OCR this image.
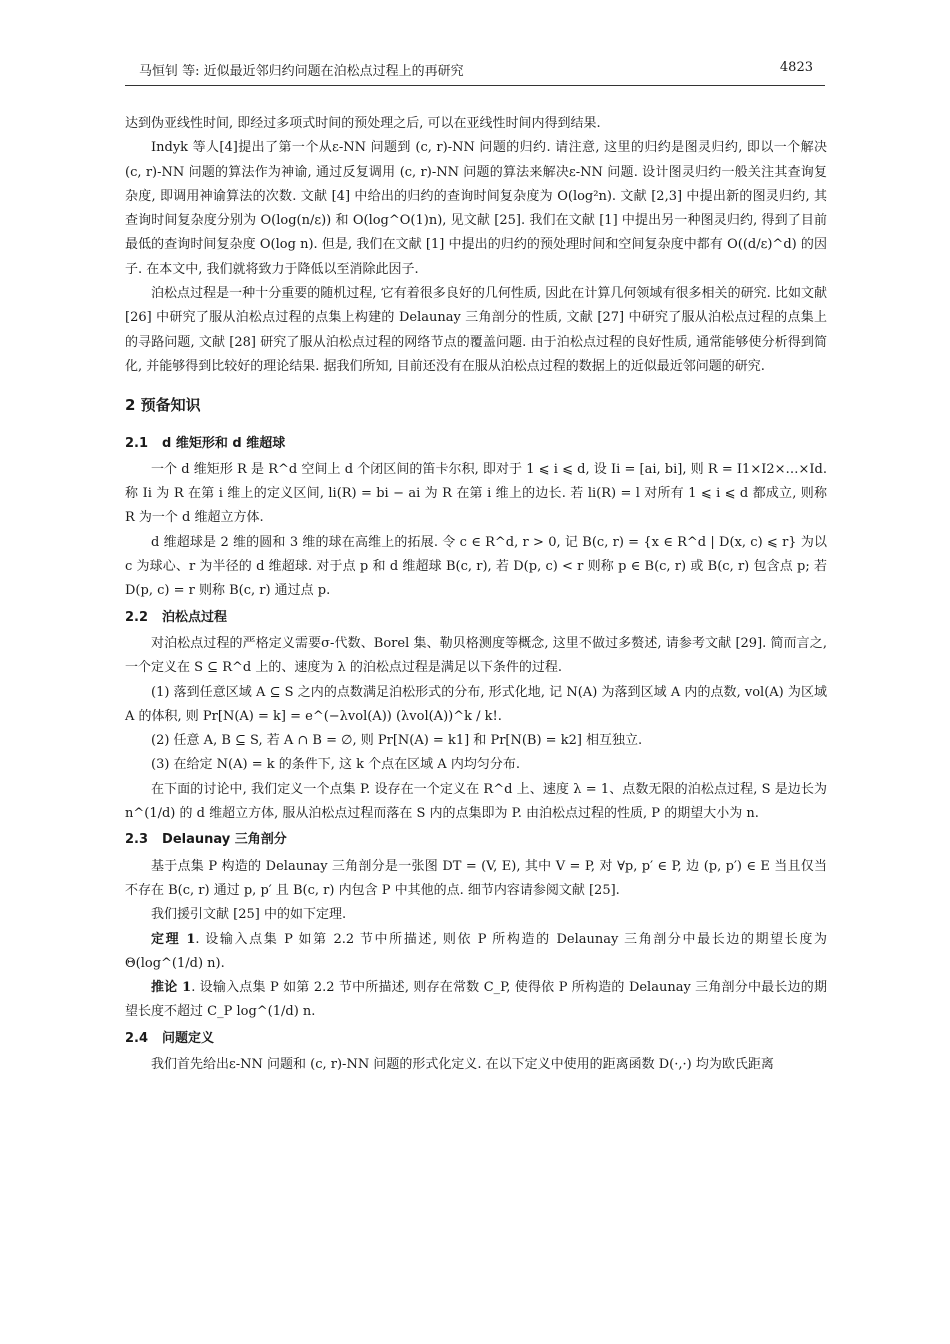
马恒钊 等: 近似最近邻归约问题在泊松点过程上的再研究	4823

达到伪亚线性时间, 即经过多项式时间的预处理之后, 可以在亚线性时间内得到结果.

Indyk 等人[4]提出了第一个从ε-NN 问题到 (c, r)-NN 问题的归约. 请注意, 这里的归约是图灵归约, 即以一个解决 (c, r)-NN 问题的算法作为神谕, 通过反复调用 (c, r)-NN 问题的算法来解决ε-NN 问题. 设计图灵归约一般关注其查询复杂度, 即调用神谕算法的次数. 文献 [4] 中给出的归约的查询时间复杂度为 O(log²n). 文献 [2,3] 中提出新的图灵归约, 其查询时间复杂度分别为 O(log(n/ε)) 和 O(log^O(1)n), 见文献 [25]. 我们在文献 [1] 中提出另一种图灵归约, 得到了目前最低的查询时间复杂度 O(log n). 但是, 我们在文献 [1] 中提出的归约的预处理时间和空间复杂度中都有 O((d/ε)^d) 的因子. 在本文中, 我们就将致力于降低以至消除此因子.

泊松点过程是一种十分重要的随机过程, 它有着很多良好的几何性质, 因此在计算几何领域有很多相关的研究. 比如文献 [26] 中研究了服从泊松点过程的点集上构建的 Delaunay 三角剖分的性质, 文献 [27] 中研究了服从泊松点过程的点集上的寻路问题, 文献 [28] 研究了服从泊松点过程的网络节点的覆盖问题. 由于泊松点过程的良好性质, 通常能够使分析得到简化, 并能够得到比较好的理论结果. 据我们所知, 目前还没有在服从泊松点过程的数据上的近似最近邻问题的研究.

2 预备知识
2.1 d 维矩形和 d 维超球

一个 d 维矩形 R 是 R^d 空间上 d 个闭区间的笛卡尔积, 即对于 1 ⩽ i ⩽ d, 设 Ii = [ai, bi], 则 R = I1×I2×…×Id. 称 Ii 为 R 在第 i 维上的定义区间, li(R) = bi − ai 为 R 在第 i 维上的边长. 若 li(R) = l 对所有 1 ⩽ i ⩽ d 都成立, 则称 R 为一个 d 维超立方体.

d 维超球是 2 维的圆和 3 维的球在高维上的拓展. 令 c ∈ R^d, r > 0, 记 B(c, r) = {x ∈ R^d | D(x, c) ⩽ r} 为以 c 为球心、r 为半径的 d 维超球. 对于点 p 和 d 维超球 B(c, r), 若 D(p, c) < r 则称 p ∈ B(c, r) 或 B(c, r) 包含点 p; 若 D(p, c) = r 则称 B(c, r) 通过点 p.

2.2 泊松点过程

对泊松点过程的严格定义需要σ-代数、Borel 集、勒贝格测度等概念, 这里不做过多赘述, 请参考文献 [29]. 简而言之, 一个定义在 S ⊆ R^d 上的、速度为 λ 的泊松点过程是满足以下条件的过程.

(1) 落到任意区域 A ⊆ S 之内的点数满足泊松形式的分布, 形式化地, 记 N(A) 为落到区域 A 内的点数, vol(A) 为区域 A 的体积, 则 Pr[N(A) = k] = e^(−λvol(A)) (λvol(A))^k / k!.

(2) 任意 A, B ⊆ S, 若 A ∩ B = ∅, 则 Pr[N(A) = k1] 和 Pr[N(B) = k2] 相互独立.

(3) 在给定 N(A) = k 的条件下, 这 k 个点在区域 A 内均匀分布.

在下面的讨论中, 我们定义一个点集 P. 设存在一个定义在 R^d 上、速度 λ = 1、点数无限的泊松点过程, S 是边长为 n^(1/d) 的 d 维超立方体, 服从泊松点过程而落在 S 内的点集即为 P. 由泊松点过程的性质, P 的期望大小为 n.

2.3 Delaunay 三角剖分

基于点集 P 构造的 Delaunay 三角剖分是一张图 DT = (V, E), 其中 V = P, 对 ∀p, p′ ∈ P, 边 (p, p′) ∈ E 当且仅当不存在 B(c, r) 通过 p, p′ 且 B(c, r) 内包含 P 中其他的点. 细节内容请参阅文献 [25].

我们援引文献 [25] 中的如下定理.

定理 1. 设输入点集 P 如第 2.2 节中所描述, 则依 P 所构造的 Delaunay 三角剖分中最长边的期望长度为 Θ(log^(1/d) n).

推论 1. 设输入点集 P 如第 2.2 节中所描述, 则存在常数 C_P, 使得依 P 所构造的 Delaunay 三角剖分中最长边的期望长度不超过 C_P log^(1/d) n.

2.4 问题定义

我们首先给出ε-NN 问题和 (c, r)-NN 问题的形式化定义. 在以下定义中使用的距离函数 D(·,·) 均为欧氏距离
